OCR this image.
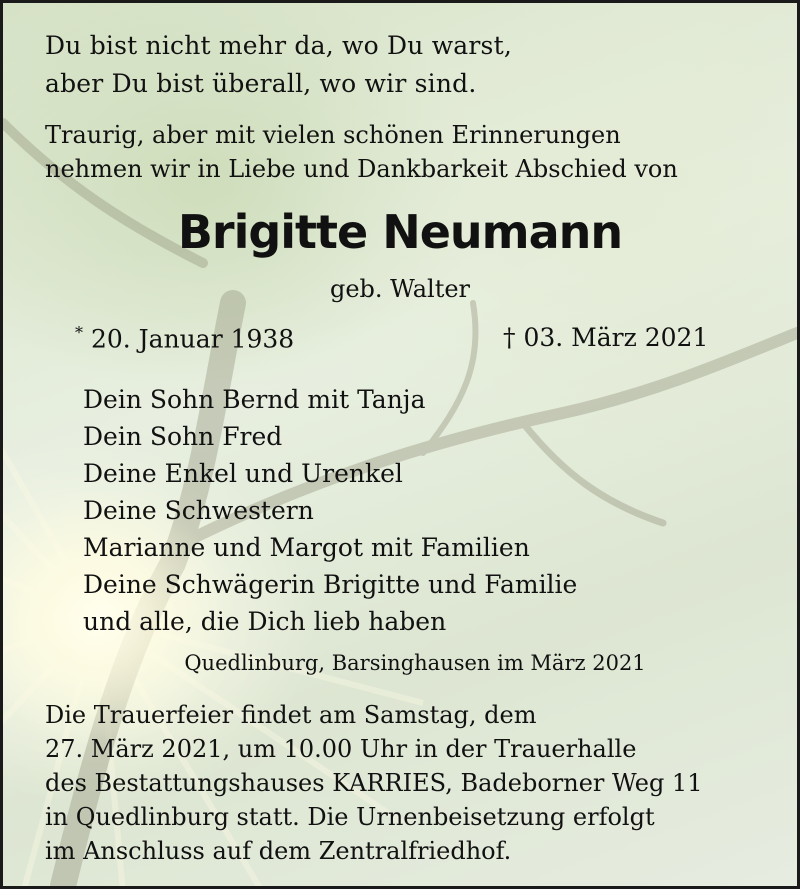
Du bist nicht mehr da, wo Du warst,
aber Du bist überall, wo wir sind.
Traurig, aber mit vielen schönen Erinnerungen
nehmen wir in Liebe und Dankbarkeit Abschied von
Brigitte Neumann
geb. Walter
* 20. Januar 1938	† 03. März 2021
Dein Sohn Bernd mit Tanja
Dein Sohn Fred
Deine Enkel und Urenkel
Deine Schwestern
Marianne und Margot mit Familien
Deine Schwägerin Brigitte und Familie
und alle, die Dich lieb haben
Quedlinburg, Barsinghausen im März 2021
Die Trauerfeier findet am Samstag, dem
27. März 2021, um 10.00 Uhr in der Trauerhalle
des Bestattungshauses KARRIES, Badeborner Weg 11
in Quedlinburg statt. Die Urnenbeisetzung erfolgt
im Anschluss auf dem Zentralfriedhof.
